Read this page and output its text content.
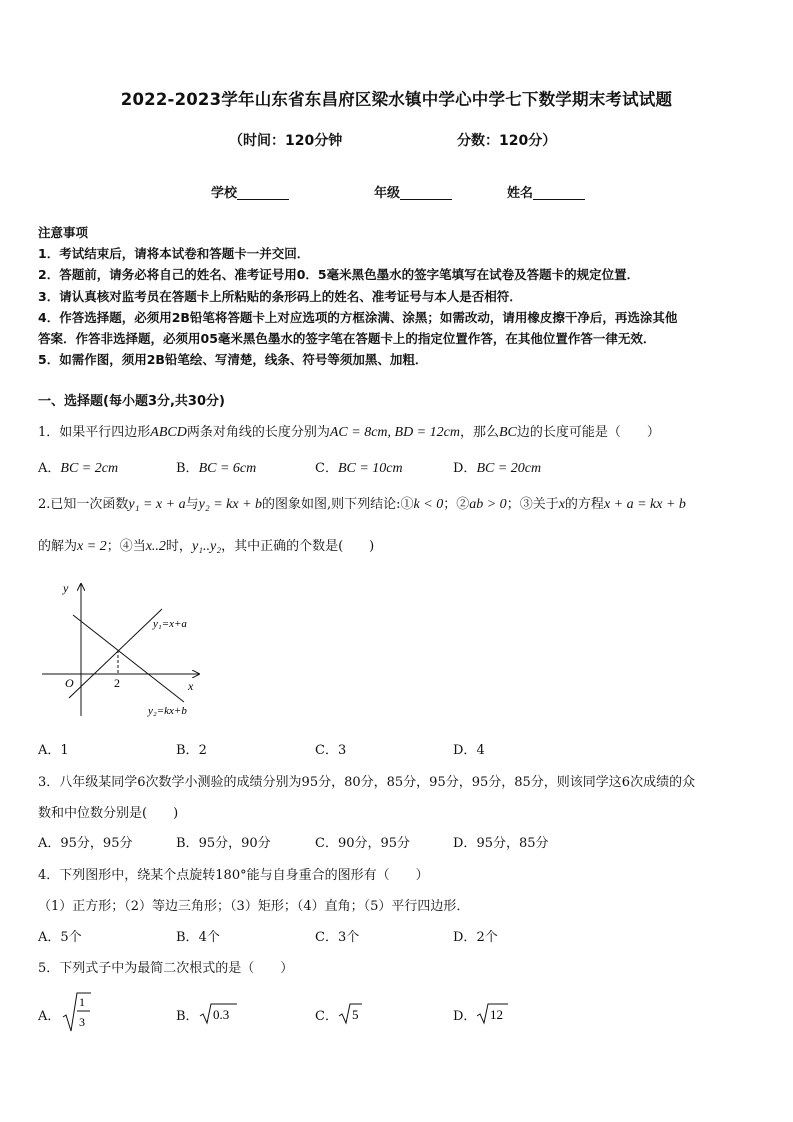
2022-2023学年山东省东昌府区梁水镇中学心中学七下数学期末考试试题
（时间：120分钟	分数：120分）
学校	年级	姓名
注意事项
1．考试结束后，请将本试卷和答题卡一并交回．
2．答题前，请务必将自己的姓名、准考证号用0．5毫米黑色墨水的签字笔填写在试卷及答题卡的规定位置．
3．请认真核对监考员在答题卡上所粘贴的条形码上的姓名、准考证号与本人是否相符．
4．作答选择题，必须用2B铅笔将答题卡上对应选项的方框涂满、涂黑；如需改动，请用橡皮擦干净后，再选涂其他
答案．作答非选择题，必须用05毫米黑色墨水的签字笔在答题卡上的指定位置作答，在其他位置作答一律无效．
5．如需作图，须用2B铅笔绘、写清楚，线条、符号等须加黑、加粗．
一、选择题(每小题3分,共30分)
1．如果平行四边形ABCD两条对角线的长度分别为AC = 8cm, BD = 12cm，那么BC边的长度可能是（　　）
A．BC = 2cm	B．BC = 6cm	C．BC = 10cm	D．BC = 20cm
2.已知一次函数y₁ = x + a与y₂ = kx + b的图象如图,则下列结论:①k < 0；②ab > 0；③关于x的方程x + a = kx + b
的解为x = 2；④当x..2时，y₁..y₂，其中正确的个数是(　　)
y
x
O	2
y₁=x+a
y₂=kx+b
A．1	B．2	C．3	D．4
3．八年级某同学6次数学小测验的成绩分别为95分，80分，85分，95分，95分，85分，则该同学这6次成绩的众
数和中位数分别是(　　)
A．95分，95分	B．95分，90分	C．90分，95分	D．95分，85分
4．下列图形中，绕某个点旋转180°能与自身重合的图形有（　　）
（1）正方形；（2）等边三角形；（3）矩形；（4）直角；（5）平行四边形．
A．5个	B．4个	C．3个	D．2个
5．下列式子中为最简二次根式的是（　　）
A．
1
3	B． 0.3	C． 5	D． 12
